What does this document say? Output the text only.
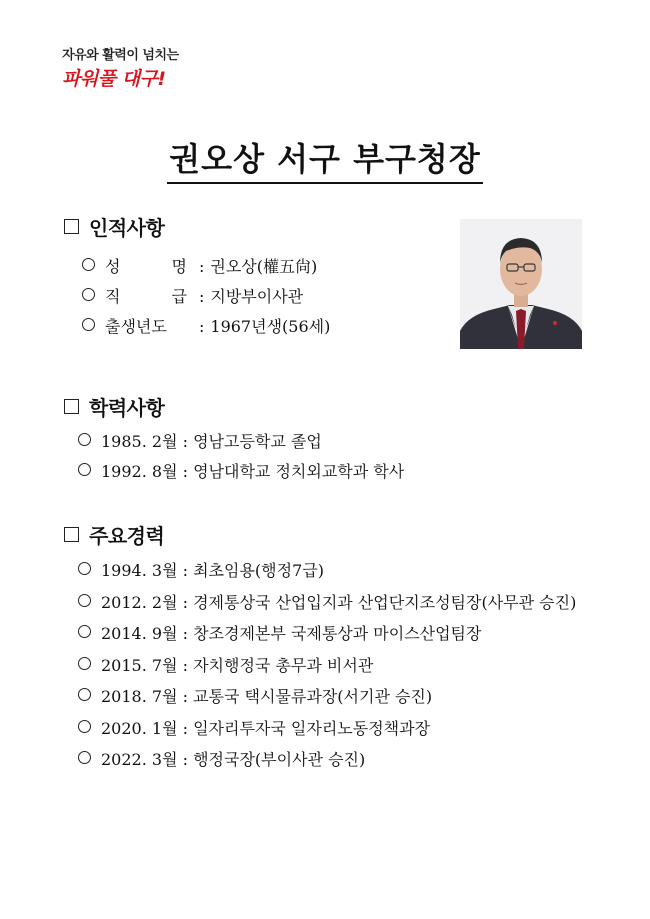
자유와 활력이 넘치는
파워풀 대구!
권오상 서구 부구청장
인적사항
성 명 : 권오상(權五尙)
직 급 : 지방부이사관
출생년도 : 1967년생(56세)
학력사항
1985. 2월 : 영남고등학교 졸업
1992. 8월 : 영남대학교 정치외교학과 학사
주요경력
1994. 3월 : 최초임용(행정7급)
2012. 2월 : 경제통상국 산업입지과 산업단지조성팀장(사무관 승진)
2014. 9월 : 창조경제본부 국제통상과 마이스산업팀장
2015. 7월 : 자치행정국 총무과 비서관
2018. 7월 : 교통국 택시물류과장(서기관 승진)
2020. 1월 : 일자리투자국 일자리노동정책과장
2022. 3월 : 행정국장(부이사관 승진)
